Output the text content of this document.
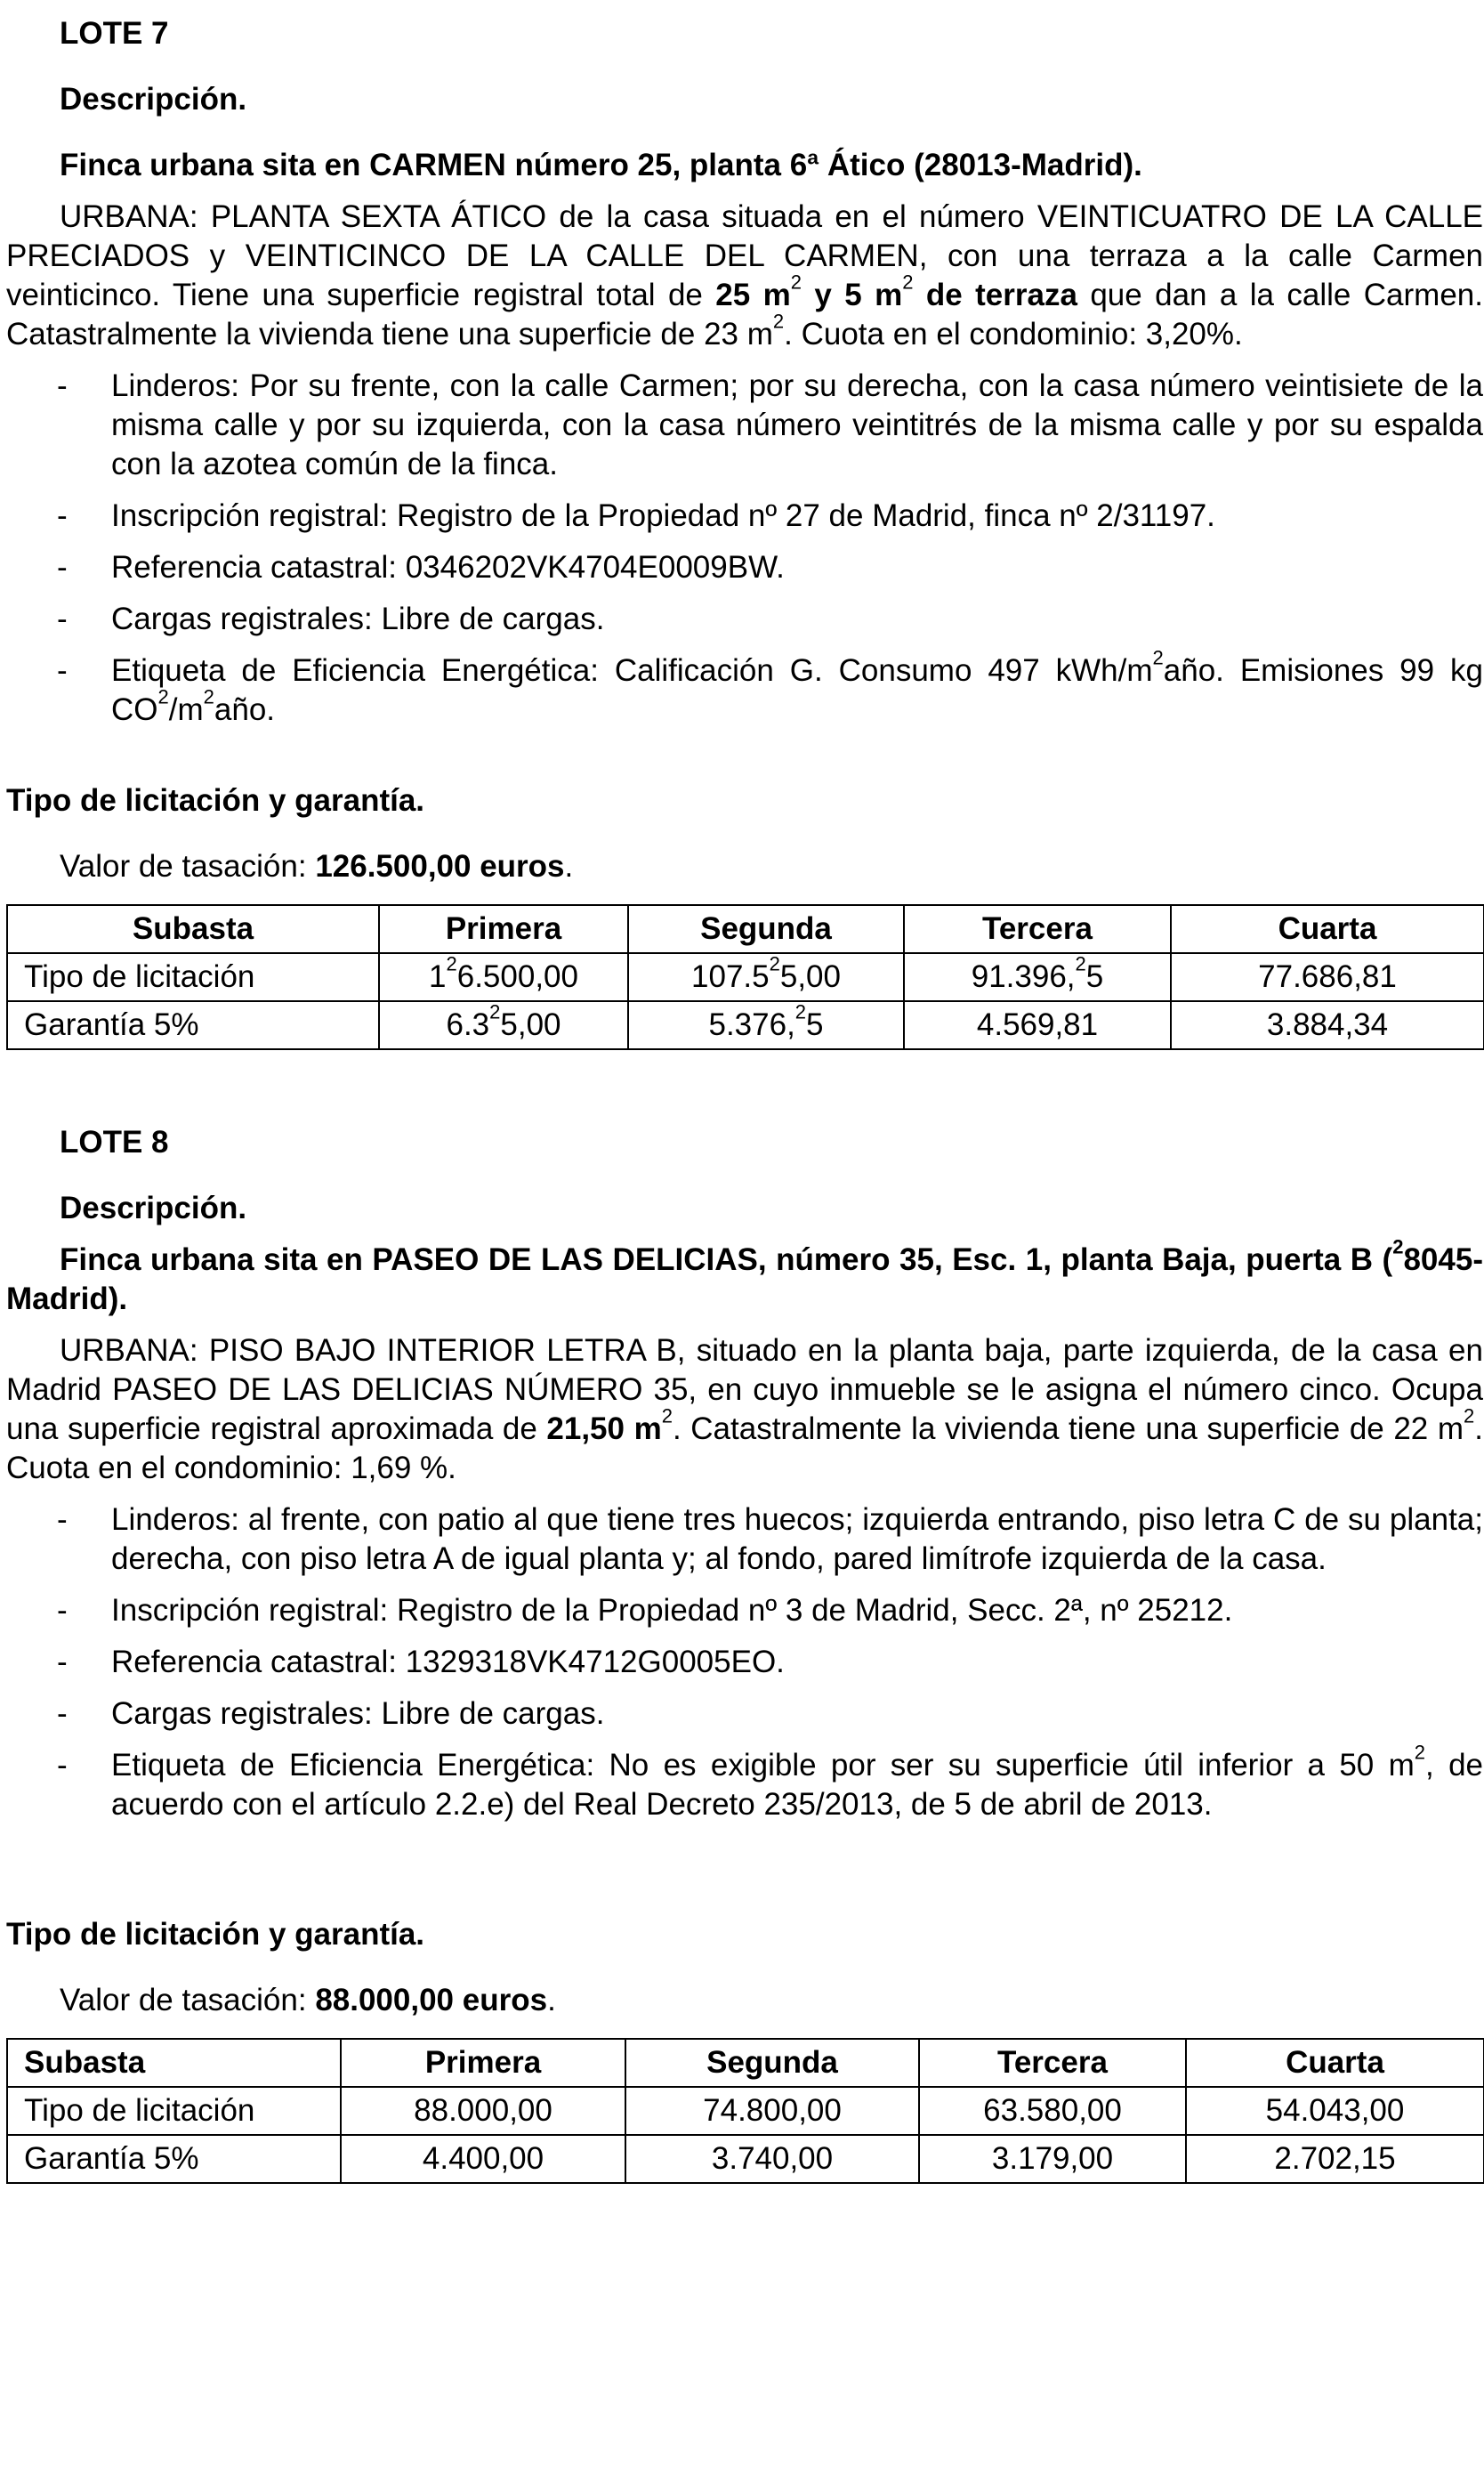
LOTE 7

Descripción.

Finca urbana sita en CARMEN número 25, planta 6ª Ático (28013-Madrid).

URBANA: PLANTA SEXTA ÁTICO de la casa situada en el número VEINTICUATRO DE LA CALLE PRECIADOS y VEINTICINCO DE LA CALLE DEL CARMEN, con una terraza a la calle Carmen veinticinco. Tiene una superficie registral total de 25 $m^2$ y 5 $m^2$ de terraza que dan a la calle Carmen. Catastralmente la vivienda tiene una superficie de 23 $m^2$. Cuota en el condominio: 3,20%.

- Linderos: Por su frente, con la calle Carmen; por su derecha, con la casa número veintisiete de la misma calle y por su izquierda, con la casa número veintitrés de la misma calle y por su espalda con la azotea común de la finca.
- Inscripción registral: Registro de la Propiedad nº 27 de Madrid, finca nº 2/31197.
- Referencia catastral: 0346202VK4704E0009BW.
- Cargas registrales: Libre de cargas.
- Etiqueta de Eficiencia Energética: Calificación G. Consumo 497 kWh/$m^2año$. Emisiones 99 kg $CO^2/m^2año$.

Tipo de licitación y garantía.

Valor de tasación: 126.500,00 euros.

Subasta	Primera	Segunda	Tercera	Cuarta
Tipo de licitación	$1^26.500,00$	107.5$^2$5,00	91.396,$^2$5	77.686,81
Garantía 5%	$6.3^25,00$	5.376,$^2$5	4.569,81	3.884,34

LOTE 8

Descripción.

Finca urbana sita en PASEO DE LAS DELICIAS, número 35, Esc. 1, planta Baja, puerta B ($^2$8045-Madrid).

URBANA: PISO BAJO INTERIOR LETRA B, situado en la planta baja, parte izquierda, de la casa en Madrid PASEO DE LAS DELICIAS NÚMERO 35, en cuyo inmueble se le asigna el número cinco. Ocupa una superficie registral aproximada de 21,50 $m^2$. Catastralmente la vivienda tiene una superficie de 22 $m^2$. Cuota en el condominio: 1,69 %.

- Linderos: al frente, con patio al que tiene tres huecos; izquierda entrando, piso letra C de su planta; derecha, con piso letra A de igual planta y; al fondo, pared limítrofe izquierda de la casa.
- Inscripción registral: Registro de la Propiedad nº 3 de Madrid, Secc. 2ª, nº 25212.
- Referencia catastral: 1329318VK4712G0005EO.
- Cargas registrales: Libre de cargas.
- Etiqueta de Eficiencia Energética: No es exigible por ser su superficie útil inferior a 50 $m^2$, de acuerdo con el artículo 2.2.e) del Real Decreto 235/2013, de 5 de abril de 2013.

Tipo de licitación y garantía.

Valor de tasación: 88.000,00 euros.

Subasta	Primera	Segunda	Tercera	Cuarta
Tipo de licitación	88.000,00	74.800,00	63.580,00	54.043,00
Garantía 5%	4.400,00	3.740,00	3.179,00	2.702,15
